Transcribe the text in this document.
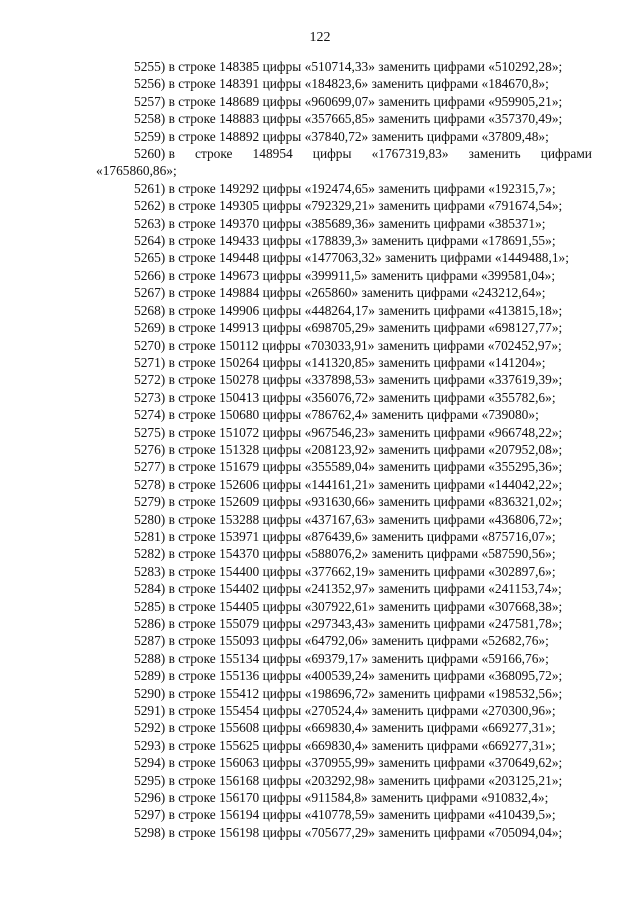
122
5255) в строке 148385 цифры «510714,33» заменить цифрами «510292,28»;
5256) в строке 148391 цифры «184823,6» заменить цифрами «184670,8»;
5257) в строке 148689 цифры «960699,07» заменить цифрами «959905,21»;
5258) в строке 148883 цифры «357665,85» заменить цифрами «357370,49»;
5259) в строке 148892 цифры «37840,72» заменить цифрами «37809,48»;
5260) в строке 148954 цифры «1767319,83» заменить цифрами
«1765860,86»;
5261) в строке 149292 цифры «192474,65» заменить цифрами «192315,7»;
5262) в строке 149305 цифры «792329,21» заменить цифрами «791674,54»;
5263) в строке 149370 цифры «385689,36» заменить цифрами «385371»;
5264) в строке 149433 цифры «178839,3» заменить цифрами «178691,55»;
5265) в строке 149448 цифры «1477063,32» заменить цифрами «1449488,1»;
5266) в строке 149673 цифры «399911,5» заменить цифрами «399581,04»;
5267) в строке 149884 цифры «265860» заменить цифрами «243212,64»;
5268) в строке 149906 цифры «448264,17» заменить цифрами «413815,18»;
5269) в строке 149913 цифры «698705,29» заменить цифрами «698127,77»;
5270) в строке 150112 цифры «703033,91» заменить цифрами «702452,97»;
5271) в строке 150264 цифры «141320,85» заменить цифрами «141204»;
5272) в строке 150278 цифры «337898,53» заменить цифрами «337619,39»;
5273) в строке 150413 цифры «356076,72» заменить цифрами «355782,6»;
5274) в строке 150680 цифры «786762,4» заменить цифрами «739080»;
5275) в строке 151072 цифры «967546,23» заменить цифрами «966748,22»;
5276) в строке 151328 цифры «208123,92» заменить цифрами «207952,08»;
5277) в строке 151679 цифры «355589,04» заменить цифрами «355295,36»;
5278) в строке 152606 цифры «144161,21» заменить цифрами «144042,22»;
5279) в строке 152609 цифры «931630,66» заменить цифрами «836321,02»;
5280) в строке 153288 цифры «437167,63» заменить цифрами «436806,72»;
5281) в строке 153971 цифры «876439,6» заменить цифрами «875716,07»;
5282) в строке 154370 цифры «588076,2» заменить цифрами «587590,56»;
5283) в строке 154400 цифры «377662,19» заменить цифрами «302897,6»;
5284) в строке 154402 цифры «241352,97» заменить цифрами «241153,74»;
5285) в строке 154405 цифры «307922,61» заменить цифрами «307668,38»;
5286) в строке 155079 цифры «297343,43» заменить цифрами «247581,78»;
5287) в строке 155093 цифры «64792,06» заменить цифрами «52682,76»;
5288) в строке 155134 цифры «69379,17» заменить цифрами «59166,76»;
5289) в строке 155136 цифры «400539,24» заменить цифрами «368095,72»;
5290) в строке 155412 цифры «198696,72» заменить цифрами «198532,56»;
5291) в строке 155454 цифры «270524,4» заменить цифрами «270300,96»;
5292) в строке 155608 цифры «669830,4» заменить цифрами «669277,31»;
5293) в строке 155625 цифры «669830,4» заменить цифрами «669277,31»;
5294) в строке 156063 цифры «370955,99» заменить цифрами «370649,62»;
5295) в строке 156168 цифры «203292,98» заменить цифрами «203125,21»;
5296) в строке 156170 цифры «911584,8» заменить цифрами «910832,4»;
5297) в строке 156194 цифры «410778,59» заменить цифрами «410439,5»;
5298) в строке 156198 цифры «705677,29» заменить цифрами «705094,04»;
